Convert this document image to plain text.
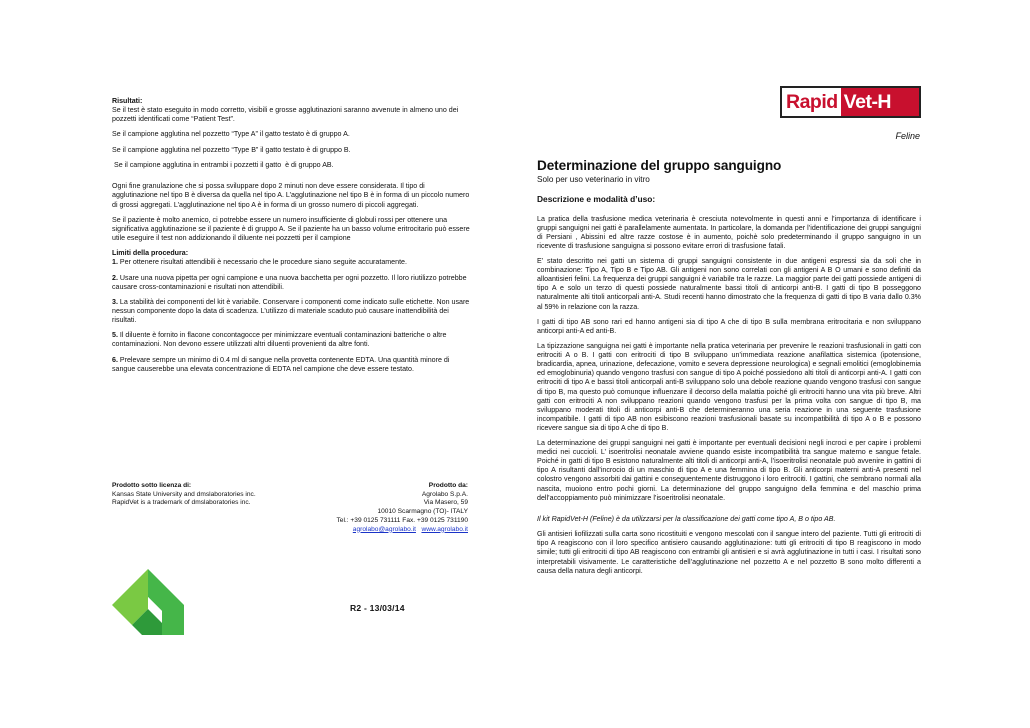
Risultati:

Se il test è stato eseguito in modo corretto, visibili e grosse agglutinazioni saranno avvenute in almeno uno dei pozzetti identificati come “Patient Test”.

Se il campione agglutina nel pozzetto “Type A” il gatto testato è di gruppo A.

Se il campione agglutina nel pozzetto “Type B” il gatto testato è di gruppo B.

Se il campione agglutina in entrambi i pozzetti il gatto  è di gruppo AB.

Ogni fine granulazione che si possa sviluppare dopo 2 minuti non deve essere considerata. Il tipo di agglutinazione nel tipo B è diversa da quella nel tipo A. L’agglutinazione nel tipo B è in forma di un piccolo numero di grossi aggregati. L’agglutinazione nel tipo A è in forma di un grosso numero di piccoli aggregati.

Se il paziente è molto anemico, ci potrebbe essere un numero insufficiente di globuli rossi per ottenere una significativa agglutinazione se il paziente è di gruppo A. Se il paziente ha un basso volume eritrocitario può essere utile eseguire il test non addizionando il diluente nei pozzetti per il campione

Limiti della procedura:

1. Per ottenere risultati attendibili è necessario che le procedure siano seguite accuratamente.

2. Usare una nuova pipetta per ogni campione e una nuova bacchetta per ogni pozzetto. Il loro riutilizzo potrebbe causare cross-contaminazioni e risultati non attendibili.

3. La stabilità dei componenti del kit è variabile. Conservare i componenti come indicato sulle etichette. Non usare nessun componente dopo la data di scadenza. L’utilizzo di materiale scaduto può causare inattendibilità dei risultati.

5. Il diluente è fornito in flacone concontagocce per minimizzare eventuali contaminazioni batteriche o altre contaminazioni. Non devono essere utilizzati altri diluenti provenienti da altre fonti.

6. Prelevare sempre un minimo di 0.4 ml di sangue nella provetta contenente EDTA. Una quantità minore di sangue causerebbe una elevata concentrazione di EDTA nel campione che deve essere testato.

Prodotto sotto licenza di:
Kansas State University and dmslaboratories inc.
RapidVet is a trademark of dmslaboratories inc.
Prodotto da:
Agrolabo S.p.A.
Via Masero, 59
10010 Scarmagno (TO)- ITALY
Tel.: +39 0125 731111 Fax. +39 0125 731190
agrolabo@agrolabo.it www.agrolabo.it
R2 - 13/03/14
Rapid Vet-H
Feline
Determinazione del gruppo sanguigno
Solo per uso veterinario in vitro
Descrizione e modalità d’uso:

La pratica della trasfusione medica veterinaria è cresciuta notevolmente in questi anni e l’importanza di identificare i gruppi sanguigni nei gatti è parallelamente aumentata. In particolare, la domanda per l’identificazione dei gruppi sanguigni di Persiani , Abissini ed altre razze costose è in aumento, poichè solo predeterminando il gruppo sanguigno in un ricevente di trasfusione sanguigna si possono evitare errori di trasfusione fatali.

E’ stato descritto nei gatti un sistema di gruppi sanguigni consistente in due antigeni espressi sia da soli che in combinazione: Tipo A, Tipo B e Tipo AB. Gli antigeni non sono correlati con gli antigeni A B O umani e sono definiti da alloantisieri felini. La frequenza dei gruppi sanguigni è variabile tra le razze. La maggior parte dei gatti possiede antigeni di tipo A e solo un terzo di questi possiede naturalmente bassi titoli di anticorpi anti-B. I gatti di tipo B posseggono naturalmente alti titoli anticorpali anti-A. Studi recenti hanno dimostrato che la frequenza di gatti di tipo B varia dallo 0.3% al 59% in relazione con la razza.

I gatti di tipo AB sono rari ed hanno antigeni sia di tipo A che di tipo B sulla membrana eritrocitaria e non sviluppano anticorpi anti-A ed anti-B.

La tipizzazione sanguigna nei gatti è importante nella pratica veterinaria per prevenire le reazioni trasfusionali in gatti con eritrociti A o B. I gatti con eritrociti di tipo B sviluppano un’immediata reazione anafilattica sistemica (ipotensione, bradicardia, apnea, urinazione, defecazione, vomito e severa depressione neurologica) e segnali emolitici (emoglobinemia ed emoglobinuria) quando vengono trasfusi con sangue di tipo A poiché possiedono alti titoli di anticorpi anti-A. I gatti con eritrociti di tipo A e bassi titoli anticorpali anti-B sviluppano solo una debole reazione quando vengono trasfusi con sangue di tipo B, ma questo può comunque influenzare il decorso della malattia poiché gli eritrociti hanno una vita più breve. Altri gatti con eritrociti A non sviluppano reazioni quando vengono trasfusi per la prima volta con sangue di tipo B, ma sviluppano moderati titoli di anticorpi anti-B che determineranno una seria reazione in una seguente trasfusione incompatibile. I gatti di tipo AB non esibiscono reazioni trasfusionali basate su incompatibilità di tipo A o B e possono ricevere sangue sia di tipo A che di tipo B.

La determinazione dei gruppi sanguigni nei gatti è importante per eventuali decisioni negli incroci e per capire i problemi medici nei cuccioli. L’ isoeritrolisi neonatale avviene quando esiste incompatibilità tra sangue materno e sangue fetale. Poiché in gatti di tipo B esistono naturalmente alti titoli di anticorpi anti-A, l’isoeritrolisi neonatale può avvenire in gattini di tipo A risultanti dall’incrocio di un maschio di tipo A e una femmina di tipo B. Gli anticorpi materni anti-A presenti nel colostro vengono assorbiti dai gattini e conseguentemente distruggono i loro eritrociti. I gattini, che sembrano normali alla nascita, muoiono entro pochi giorni. La determinazione del gruppo sanguigno della femmina e del maschio prima dell’accoppiamento può minimizzare l’isoeritrolisi neonatale.

Il kit RapidVet-H (Feline) è da utilizzarsi per la classificazione dei gatti come tipo A, B o tipo AB.

Gli antisieri liofilizzati sulla carta sono ricostituiti e vengono mescolati con il sangue intero del paziente. Tutti gli eritrociti di tipo A reagiscono con il loro specifico antisiero causando agglutinazione: tutti gli eritrociti di tipo B reagiscono in modo simile; tutti gli eritrociti di tipo AB reagiscono con entrambi gli antisieri e si avrà agglutinazione in tutti i casi. I risultati sono interpretabili visivamente. Le caratteristiche dell’agglutinazione nel pozzetto A e nel pozzetto B sono molto differenti a causa della natura degli anticorpi.
